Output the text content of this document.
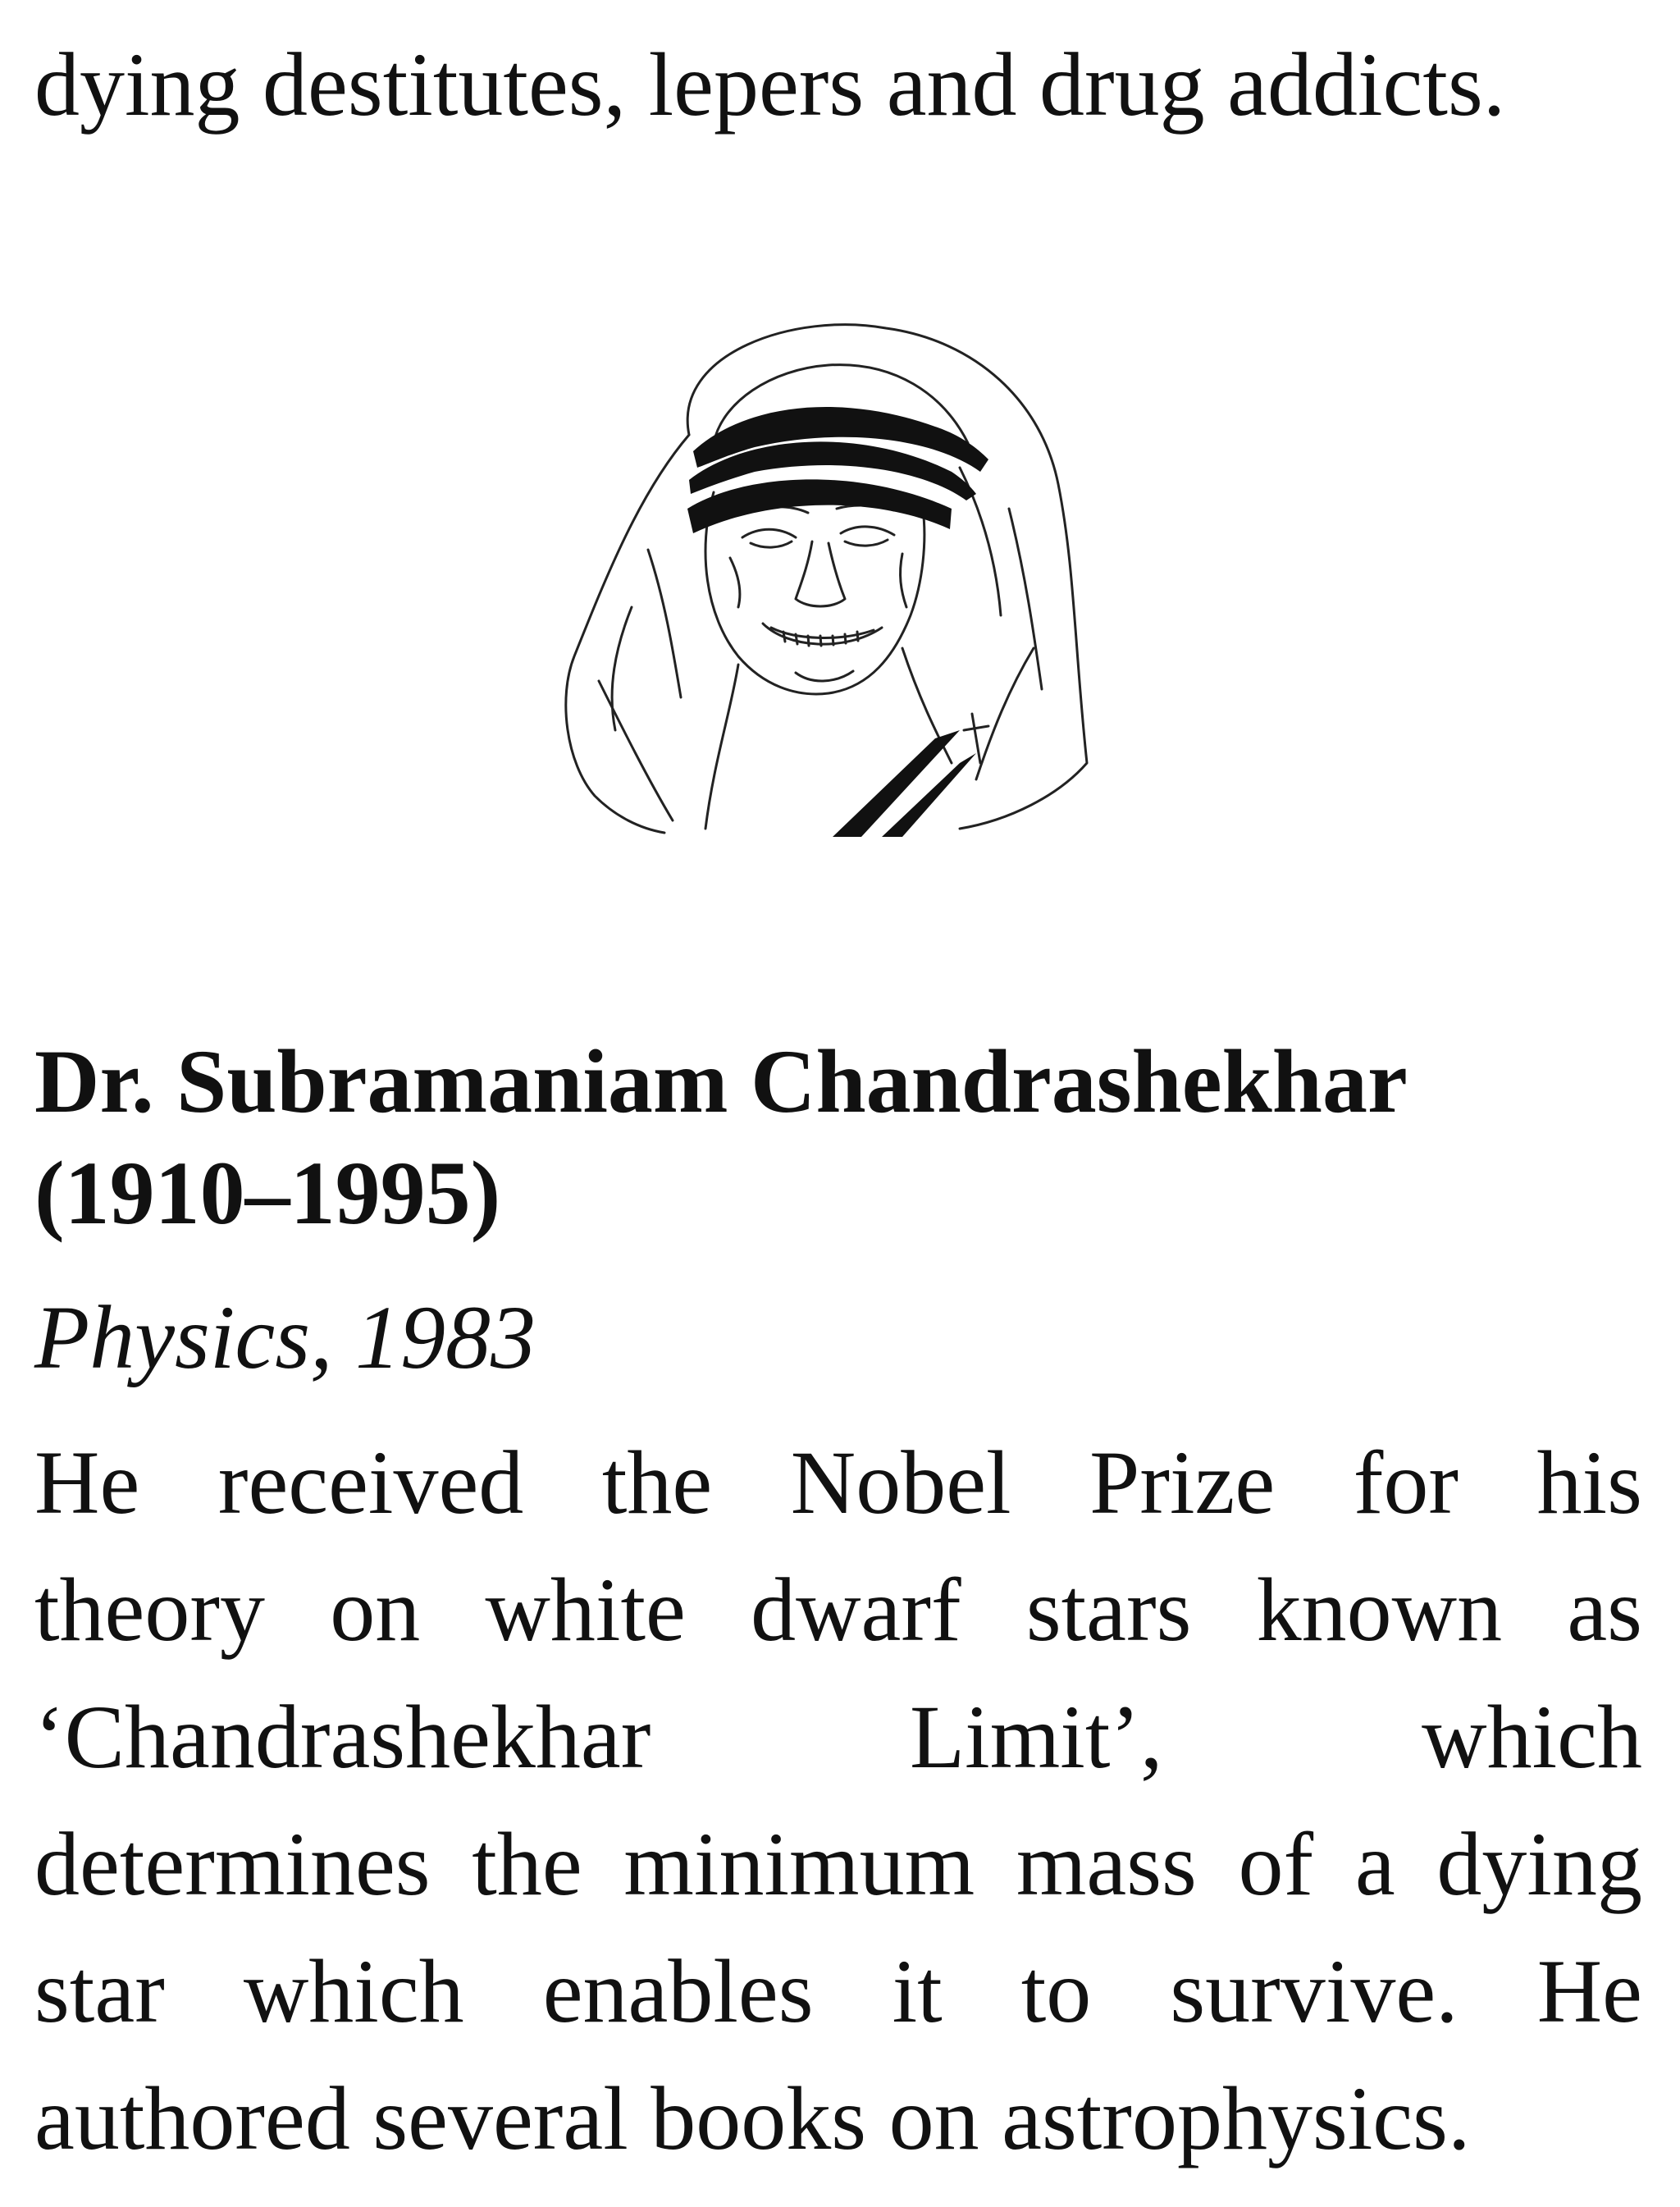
dying destitutes, lepers and drug addicts.
Dr. Subramaniam Chandrashekhar
(1910–1995)
Physics, 1983
He received the Nobel Prize for his
theory on white dwarf stars known as
‘Chandrashekhar	Limit’,	which
determines the minimum mass of a dying
star which enables it to survive. He
authored several books on astrophysics.
